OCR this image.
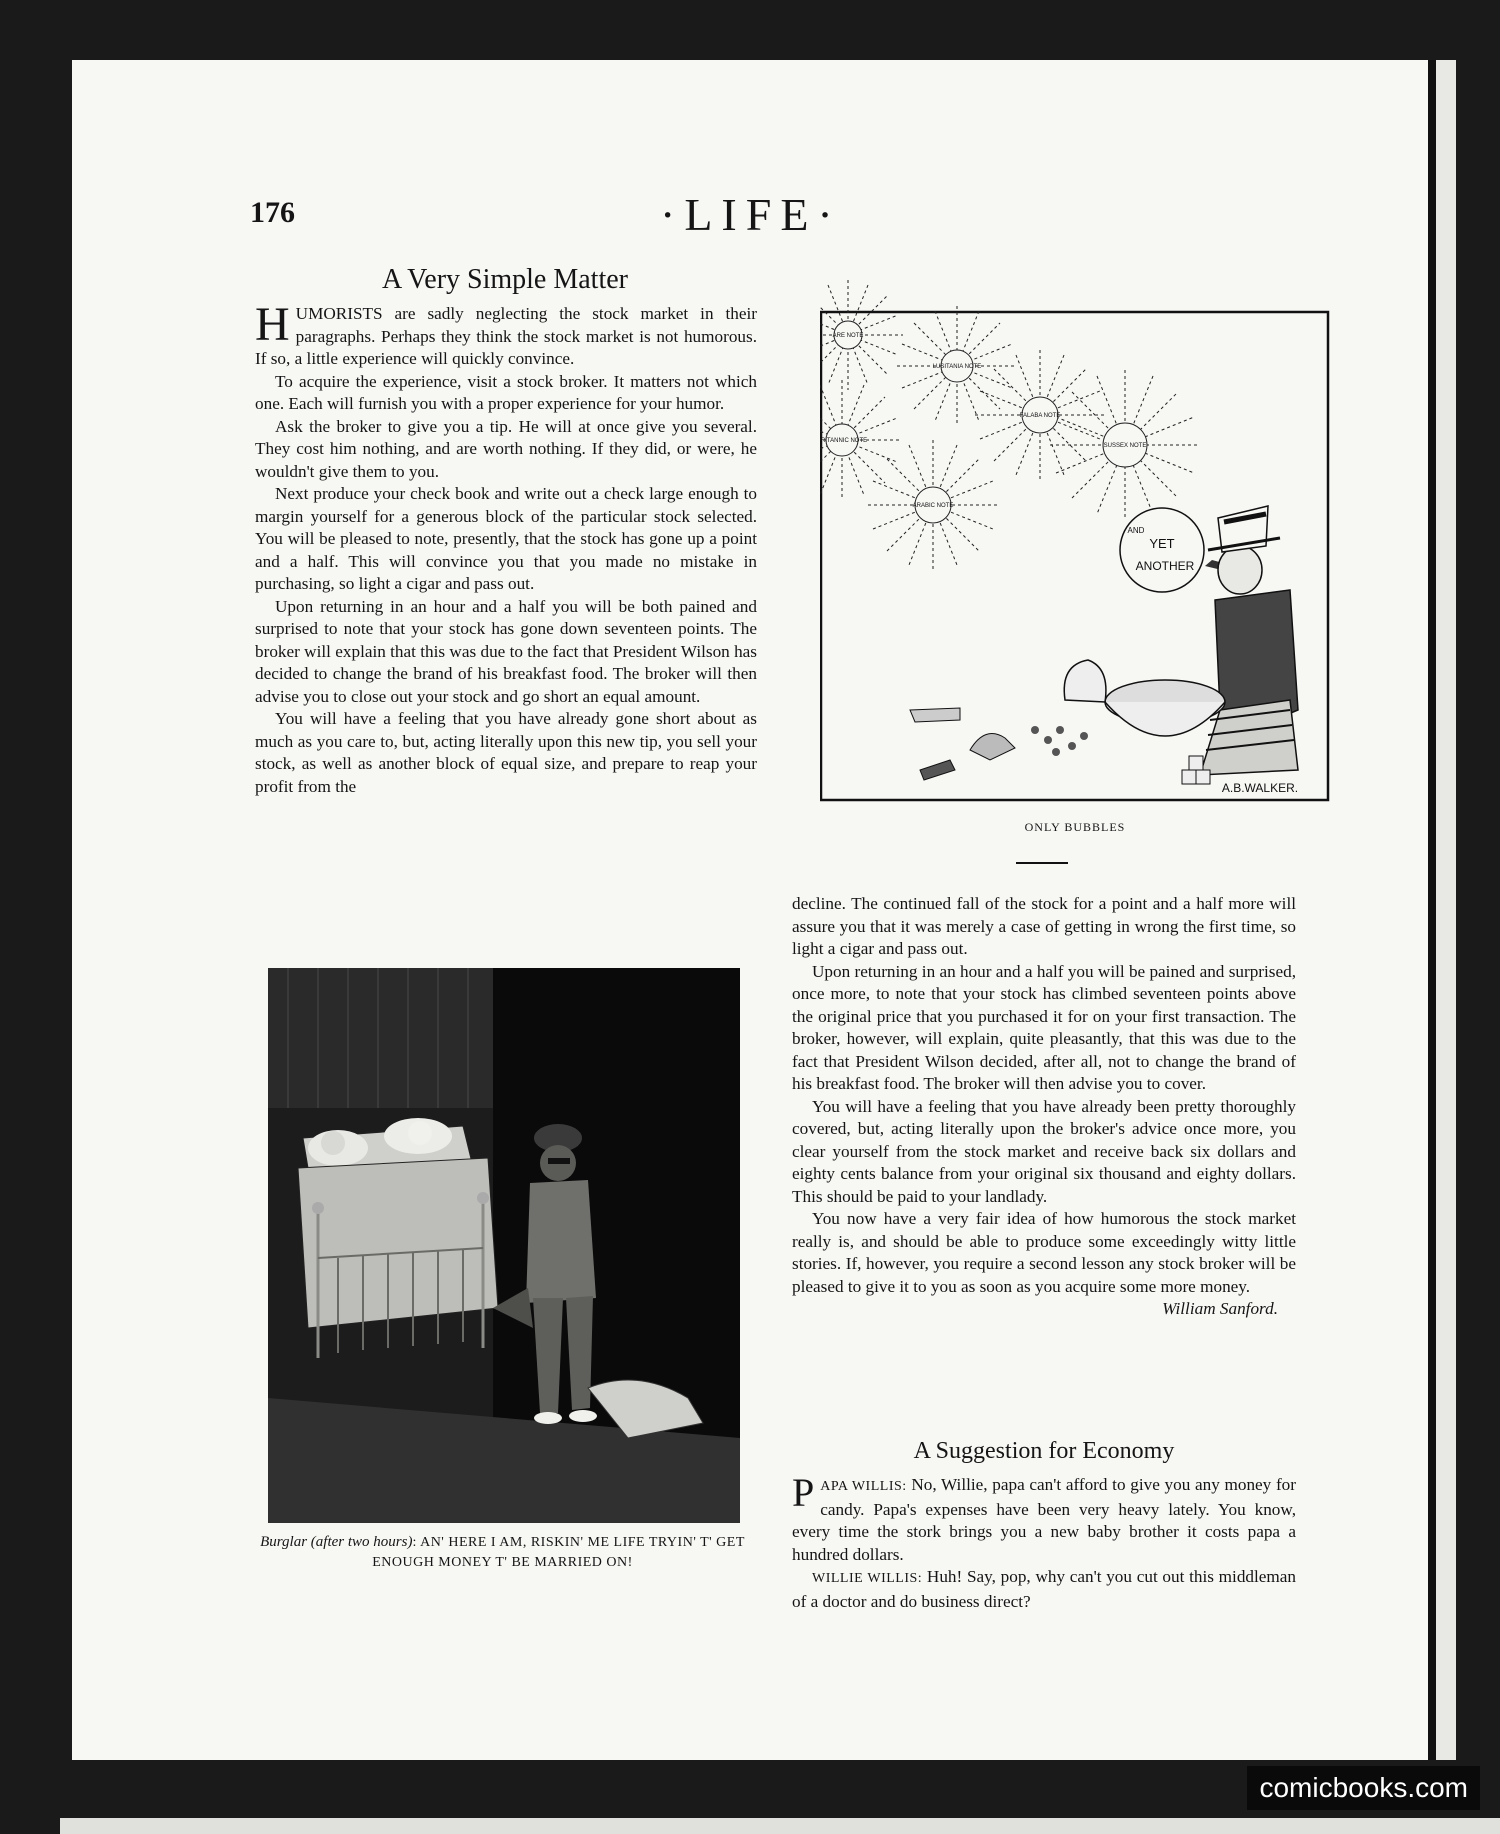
176	·LIFE·
A Very Simple Matter

HUMORISTS are sadly neglecting the stock market in their paragraphs. Perhaps they think the stock market is not humorous. If so, a little experience will quickly convince.

To acquire the experience, visit a stock broker. It matters not which one. Each will furnish you with a proper experience for your humor.

Ask the broker to give you a tip. He will at once give you several. They cost him nothing, and are worth nothing. If they did, or were, he wouldn't give them to you.

Next produce your check book and write out a check large enough to margin yourself for a generous block of the particular stock selected. You will be pleased to note, presently, that the stock has gone up a point and a half. This will convince you that you made no mistake in purchasing, so light a cigar and pass out.

Upon returning in an hour and a half you will be both pained and surprised to note that your stock has gone down seventeen points. The broker will explain that this was due to the fact that President Wilson has decided to change the brand of his breakfast food. The broker will then advise you to close out your stock and go short an equal amount.

You will have a feeling that you have already gone short about as much as you care to, but, acting literally upon this new tip, you sell your stock, as well as another block of equal size, and prepare to reap your profit from the

ARE NOTE
LUSITANIA NOTE
BRITANNIC NOTE
FALABA NOTE
SUSSEX NOTE
ARABIC NOTE
AND
YET
ANOTHER
A.B.WALKER.
ONLY BUBBLES

decline. The continued fall of the stock for a point and a half more will assure you that it was merely a case of getting in wrong the first time, so light a cigar and pass out.

Upon returning in an hour and a half you will be pained and surprised, once more, to note that your stock has climbed seventeen points above the original price that you purchased it for on your first transaction. The broker, however, will explain, quite pleasantly, that this was due to the fact that President Wilson decided, after all, not to change the brand of his breakfast food. The broker will then advise you to cover.

You will have a feeling that you have already been pretty thoroughly covered, but, acting literally upon the broker's advice once more, you clear yourself from the stock market and receive back six dollars and eighty cents balance from your original six thousand and eighty dollars. This should be paid to your landlady.

You now have a very fair idea of how humorous the stock market really is, and should be able to produce some exceedingly witty little stories. If, however, you require a second lesson any stock broker will be pleased to give it to you as soon as you acquire some more money.

William Sanford.
Burglar (after two hours): AN' HERE I AM, RISKIN' ME LIFE TRYIN' T' GET ENOUGH MONEY T' BE MARRIED ON!
A Suggestion for Economy

PAPA WILLIS: No, Willie, papa can't afford to give you any money for candy. Papa's expenses have been very heavy lately. You know, every time the stork brings you a new baby brother it costs papa a hundred dollars.

WILLIE WILLIS: Huh! Say, pop, why can't you cut out this middleman of a doctor and do business direct?

comicbooks.com
